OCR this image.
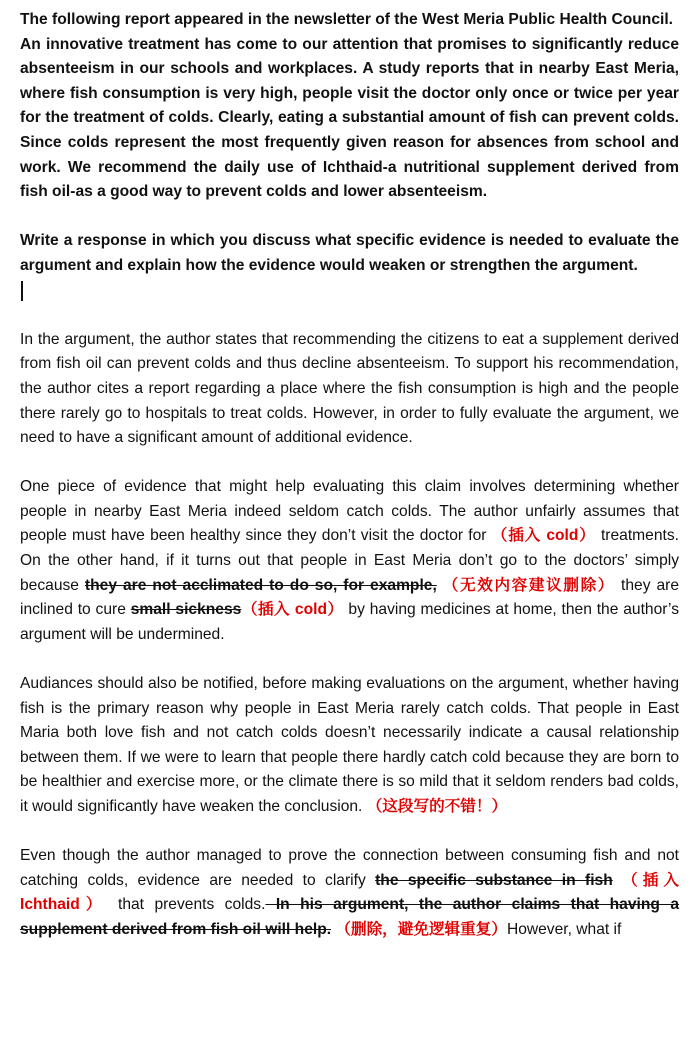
The following report appeared in the newsletter of the West Meria Public Health Council.

An innovative treatment has come to our attention that promises to significantly reduce absenteeism in our schools and workplaces. A study reports that in nearby East Meria, where fish consumption is very high, people visit the doctor only once or twice per year for the treatment of colds. Clearly, eating a substantial amount of fish can prevent colds. Since colds represent the most frequently given reason for absences from school and work. We recommend the daily use of Ichthaid-a nutritional supplement derived from fish oil-as a good way to prevent colds and lower absenteeism.

Write a response in which you discuss what specific evidence is needed to evaluate the argument and explain how the evidence would weaken or strengthen the argument.

In the argument, the author states that recommending the citizens to eat a supplement derived from fish oil can prevent colds and thus decline absenteeism. To support his recommendation, the author cites a report regarding a place where the fish consumption is high and the people there rarely go to hospitals to treat colds. However, in order to fully evaluate the argument, we need to have a significant amount of additional evidence.

One piece of evidence that might help evaluating this claim involves determining whether people in nearby East Meria indeed seldom catch colds. The author unfairly assumes that people must have been healthy since they don’t visit the doctor for （插入 cold） treatments. On the other hand, if it turns out that people in East Meria don’t go to the doctors’ simply because they are not acclimated to do so, for example, （无效内容建议删除） they are inclined to cure small sickness（插入 cold） by having medicines at home, then the author’s argument will be undermined.

Audiances should also be notified, before making evaluations on the argument, whether having fish is the primary reason why people in East Meria rarely catch colds. That people in East Maria both love fish and not catch colds doesn’t necessarily indicate a causal relationship between them. If we were to learn that people there hardly catch cold because they are born to be healthier and exercise more, or the climate there is so mild that it seldom renders bad colds, it would significantly have weaken the conclusion. （这段写的不错！）

Even though the author managed to prove the connection between consuming fish and not catching colds, evidence are needed to clarify the specific substance in fish （插入 Ichthaid） that prevents colds. In his argument, the author claims that having a supplement derived from fish oil will help. （删除，避免逻辑重复）However, what if
